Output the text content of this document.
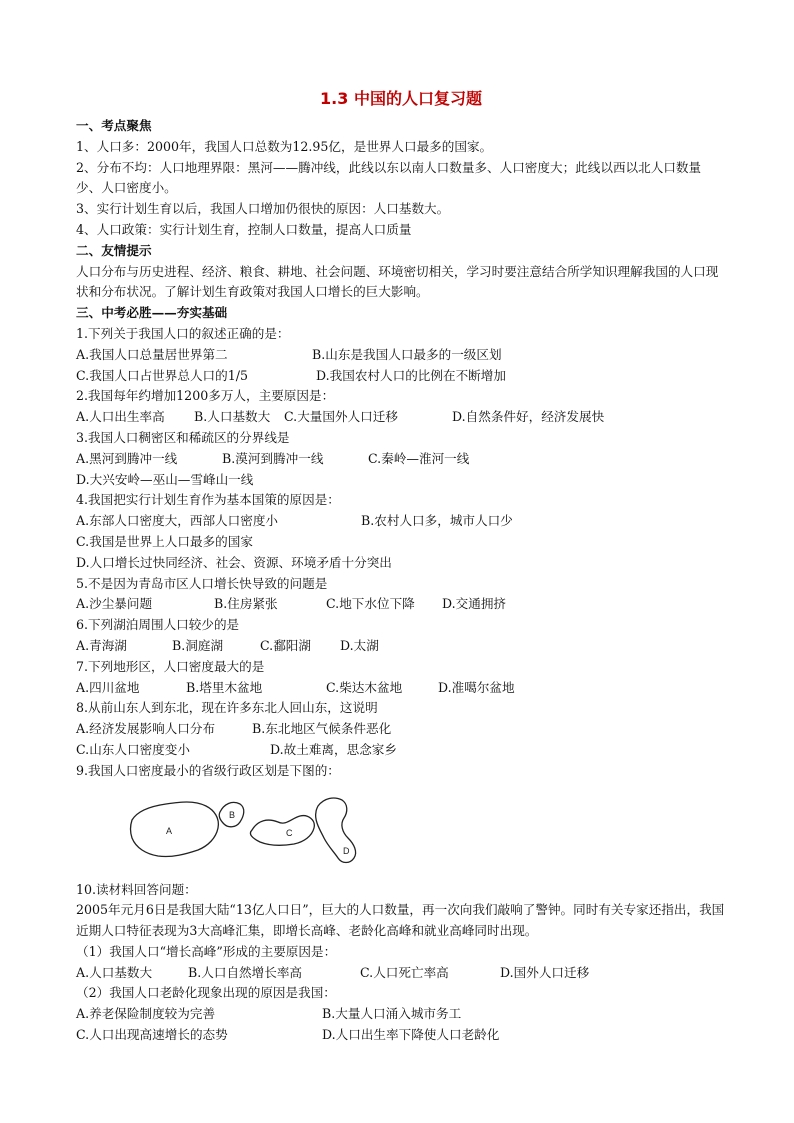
1.3 中国的人口复习题
一、考点聚焦
1、人口多：2000年，我国人口总数为12.95亿，是世界人口最多的国家。
2、分布不均：人口地理界限：黑河——腾冲线，此线以东以南人口数量多、人口密度大；此线以西以北人口数量少、人口密度小。
3、实行计划生育以后，我国人口增加仍很快的原因：人口基数大。
4、人口政策：实行计划生育，控制人口数量，提高人口质量
二、友情提示
人口分布与历史进程、经济、粮食、耕地、社会问题、环境密切相关，学习时要注意结合所学知识理解我国的人口现状和分布状况。了解计划生育政策对我国人口增长的巨大影响。
三、中考必胜——夯实基础
1.下列关于我国人口的叙述正确的是：
A.我国人口总量居世界第二	B.山东是我国人口最多的一级区划
C.我国人口占世界总人口的1/5	D.我国农村人口的比例在不断增加
2.我国每年约增加1200多万人，主要原因是：
A.人口出生率高	B.人口基数大	C.大量国外人口迁移	D.自然条件好，经济发展快
3.我国人口稠密区和稀疏区的分界线是
A.黑河到腾冲一线	B.漠河到腾冲一线	C.秦岭—淮河一线
D.大兴安岭—巫山—雪峰山一线
4.我国把实行计划生育作为基本国策的原因是：
A.东部人口密度大，西部人口密度小	B.农村人口多，城市人口少
C.我国是世界上人口最多的国家
D.人口增长过快同经济、社会、资源、环境矛盾十分突出
5.不是因为青岛市区人口增长快导致的问题是
A.沙尘暴问题	B.住房紧张	C.地下水位下降	D.交通拥挤
6.下列湖泊周围人口较少的是
A.青海湖	B.洞庭湖	C.鄱阳湖	D.太湖
7.下列地形区，人口密度最大的是
A.四川盆地	B.塔里木盆地	C.柴达木盆地	D.准噶尔盆地
8.从前山东人到东北，现在许多东北人回山东，这说明
A.经济发展影响人口分布	B.东北地区气候条件恶化
C.山东人口密度变小	D.故土难离，思念家乡
9.我国人口密度最小的省级行政区划是下图的：
A
B
C
D
10.读材料回答问题：
2005年元月6日是我国大陆“13亿人口日”，巨大的人口数量，再一次向我们敲响了警钟。同时有关专家还指出，我国近期人口特征表现为3大高峰汇集，即增长高峰、老龄化高峰和就业高峰同时出现。
（1）我国人口“增长高峰”形成的主要原因是：
A.人口基数大	B.人口自然增长率高	C.人口死亡率高	D.国外人口迁移
（2）我国人口老龄化现象出现的原因是我国：
A.养老保险制度较为完善	B.大量人口涌入城市务工
C.人口出现高速增长的态势	D.人口出生率下降使人口老龄化
